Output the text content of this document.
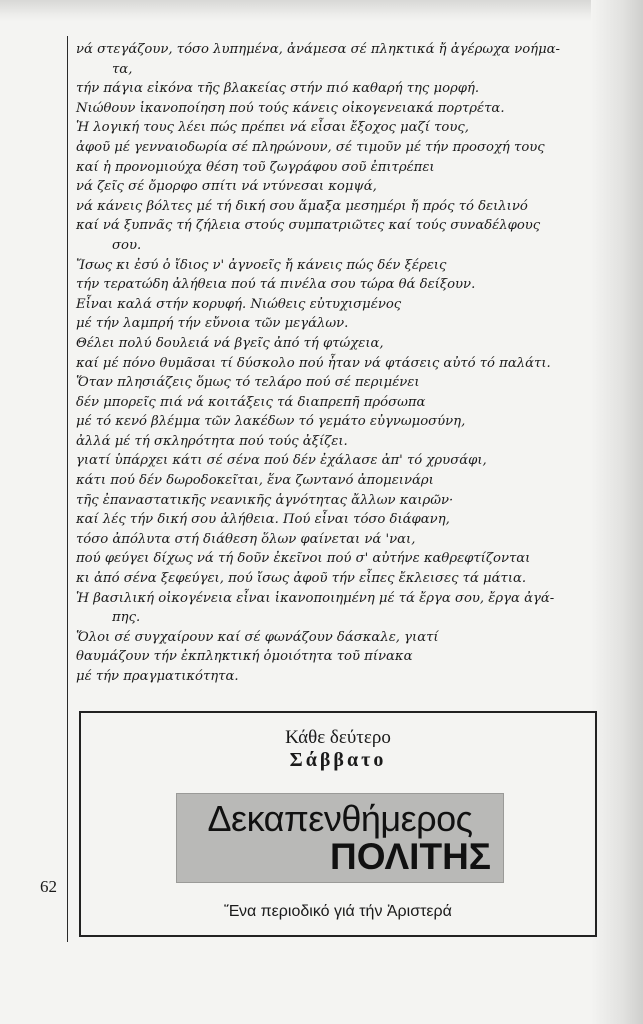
νά στεγάζουν, τόσο λυπημένα, ἀνάμεσα σέ πληκτικά ἤ ἀγέρωχα νοήμα-
τα,
τήν πάγια εἰκόνα τῆς βλακείας στήν πιό καθαρή της μορφή.
Νιώθουν ἱκανοποίηση πού τούς κάνεις οἰκογενειακά πορτρέτα.
Ἡ λογική τους λέει πώς πρέπει νά εἶσαι ἔξοχος μαζί τους,
ἀφοῦ μέ γενναιοδωρία σέ πληρώνουν, σέ τιμοῦν μέ τήν προσοχή τους
καί ἡ προνομιούχα θέση τοῦ ζωγράφου σοῦ ἐπιτρέπει
νά ζεῖς σέ ὄμορφο σπίτι νά ντύνεσαι κομψά,
νά κάνεις βόλτες μέ τή δική σου ἅμαξα μεσημέρι ἤ πρός τό δειλινό
καί νά ξυπνᾶς τή ζήλεια στούς συμπατριῶτες καί τούς συναδέλφους
σου.
Ἴσως κι ἐσύ ὁ ἴδιος ν' ἀγνοεῖς ἤ κάνεις πώς δέν ξέρεις
τήν τερατώδη ἀλήθεια πού τά πινέλα σου τώρα θά δείξουν.
Εἶναι καλά στήν κορυφή. Νιώθεις εὐτυχισμένος
μέ τήν λαμπρή τήν εὔνοια τῶν μεγάλων.
Θέλει πολύ δουλειά νά βγεῖς ἀπό τή φτώχεια,
καί μέ πόνο θυμᾶσαι τί δύσκολο πού ἦταν νά φτάσεις αὐτό τό παλάτι.
Ὅταν πλησιάζεις ὅμως τό τελάρο πού σέ περιμένει
δέν μπορεῖς πιά νά κοιτάξεις τά διαπρεπῆ πρόσωπα
μέ τό κενό βλέμμα τῶν λακέδων τό γεμάτο εὐγνωμοσύνη,
ἀλλά μέ τή σκληρότητα πού τούς ἀξίζει.
γιατί ὑπάρχει κάτι σέ σένα πού δέν ἐχάλασε ἀπ' τό χρυσάφι,
κάτι πού δέν δωροδοκεῖται, ἕνα ζωντανό ἀπομεινάρι
τῆς ἐπαναστατικῆς νεανικῆς ἁγνότητας ἄλλων καιρῶν·
καί λές τήν δική σου ἀλήθεια. Πού εἶναι τόσο διάφανη,
τόσο ἀπόλυτα στή διάθεση ὅλων φαίνεται νά 'ναι,
πού φεύγει δίχως νά τή δοῦν ἐκεῖνοι πού σ' αὐτήνε καθρεφτίζονται
κι ἀπό σένα ξεφεύγει, πού ἴσως ἀφοῦ τήν εἶπες ἔκλεισες τά μάτια.
Ἡ βασιλική οἰκογένεια εἶναι ἱκανοποιημένη μέ τά ἔργα σου, ἔργα ἀγά-
πης.
Ὅλοι σέ συγχαίρουν καί σέ φωνάζουν δάσκαλε, γιατί
θαυμάζουν τήν ἐκπληκτική ὁμοιότητα τοῦ πίνακα
μέ τήν πραγματικότητα.
Κάθε δεύτερο
Σάββατο
Δεκαπενθήμερος
ΠΟΛΙΤΗΣ
Ἕνα περιοδικό γιά τήν Ἀριστερά
62
